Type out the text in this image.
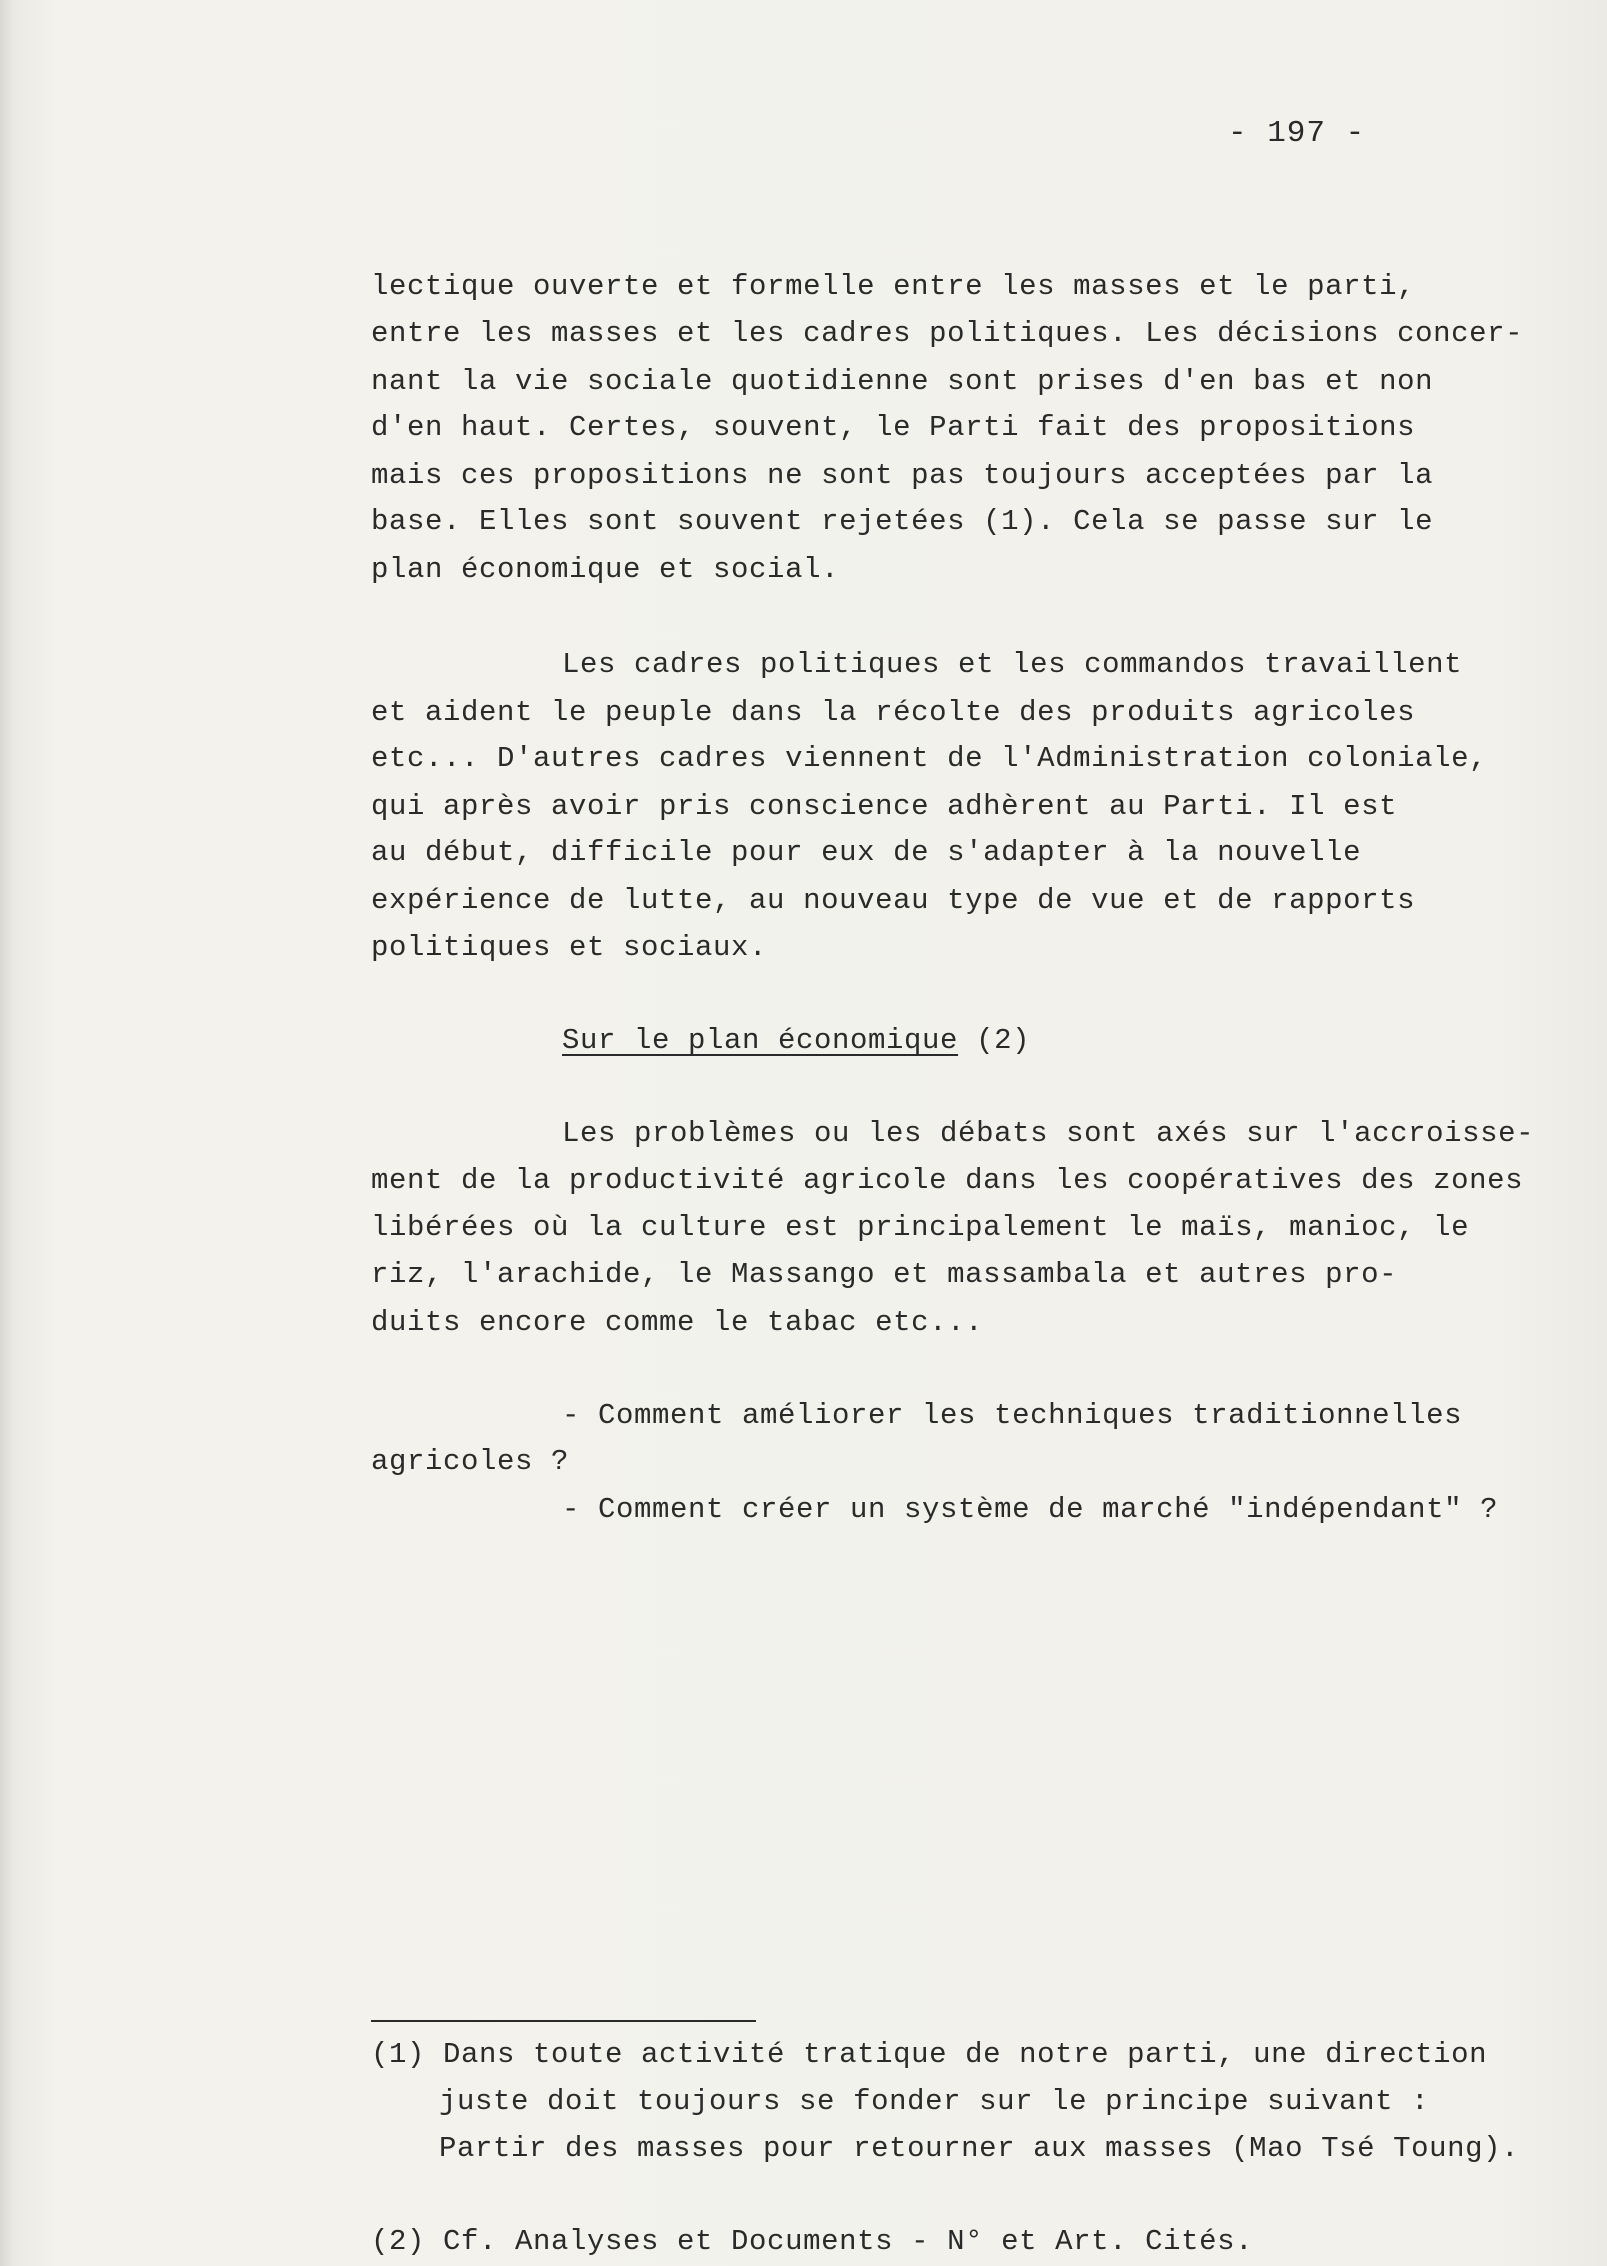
- 197 -
lectique ouverte et formelle entre les masses et le parti,
entre les masses et les cadres politiques. Les décisions concer-
nant la vie sociale quotidienne sont prises d'en bas et non
d'en haut. Certes, souvent, le Parti fait des propositions
mais ces propositions ne sont pas toujours acceptées par la
base. Elles sont souvent rejetées (1). Cela se passe sur le
plan économique et social.
Les cadres politiques et les commandos travaillent
et aident le peuple dans la récolte des produits agricoles
etc... D'autres cadres viennent de l'Administration coloniale,
qui après avoir pris conscience adhèrent au Parti. Il est
au début, difficile pour eux de s'adapter à la nouvelle
expérience de lutte, au nouveau type de vue et de rapports
politiques et sociaux.
Sur le plan économique (2)
Les problèmes ou les débats sont axés sur l'accroisse-
ment de la productivité agricole dans les coopératives des zones
libérées où la culture est principalement le maïs, manioc, le
riz, l'arachide, le Massango et massambala et autres pro-
duits encore comme le tabac etc...
- Comment améliorer les techniques traditionnelles
agricoles ?
- Comment créer un système de marché "indépendant" ?
(1) Dans toute activité tratique de notre parti, une direction
juste doit toujours se fonder sur le principe suivant :
Partir des masses pour retourner aux masses (Mao Tsé Toung).
(2) Cf. Analyses et Documents - N° et Art. Cités.
